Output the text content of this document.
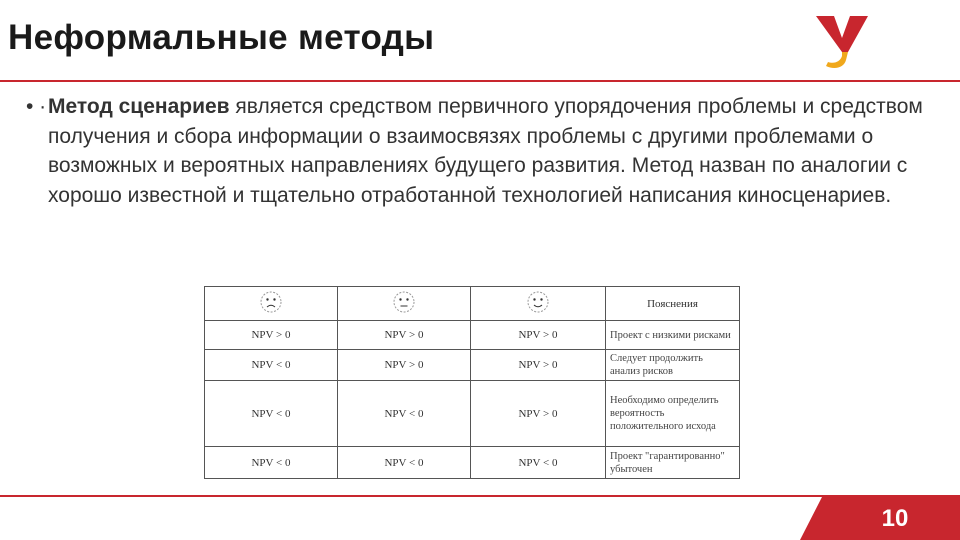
Неформальные методы
• · Метод сценариев является средством первичного упорядочения проблемы и средством получения и сбора информации о взаимосвязях проблемы с другими проблемами о возможных и вероятных направлениях будущего развития. Метод назван по аналогии с хорошо известной и тщательно отработанной технологией написания киносценариев.
			Пояснения
NPV > 0	NPV > 0	NPV > 0	Проект с низкими рисками
NPV < 0	NPV > 0	NPV > 0	Следует продолжить анализ рисков
NPV < 0	NPV < 0	NPV > 0	Необходимо определить вероятность положительного исхода
NPV < 0	NPV < 0	NPV < 0	Проект "гарантированно" убыточен
10
